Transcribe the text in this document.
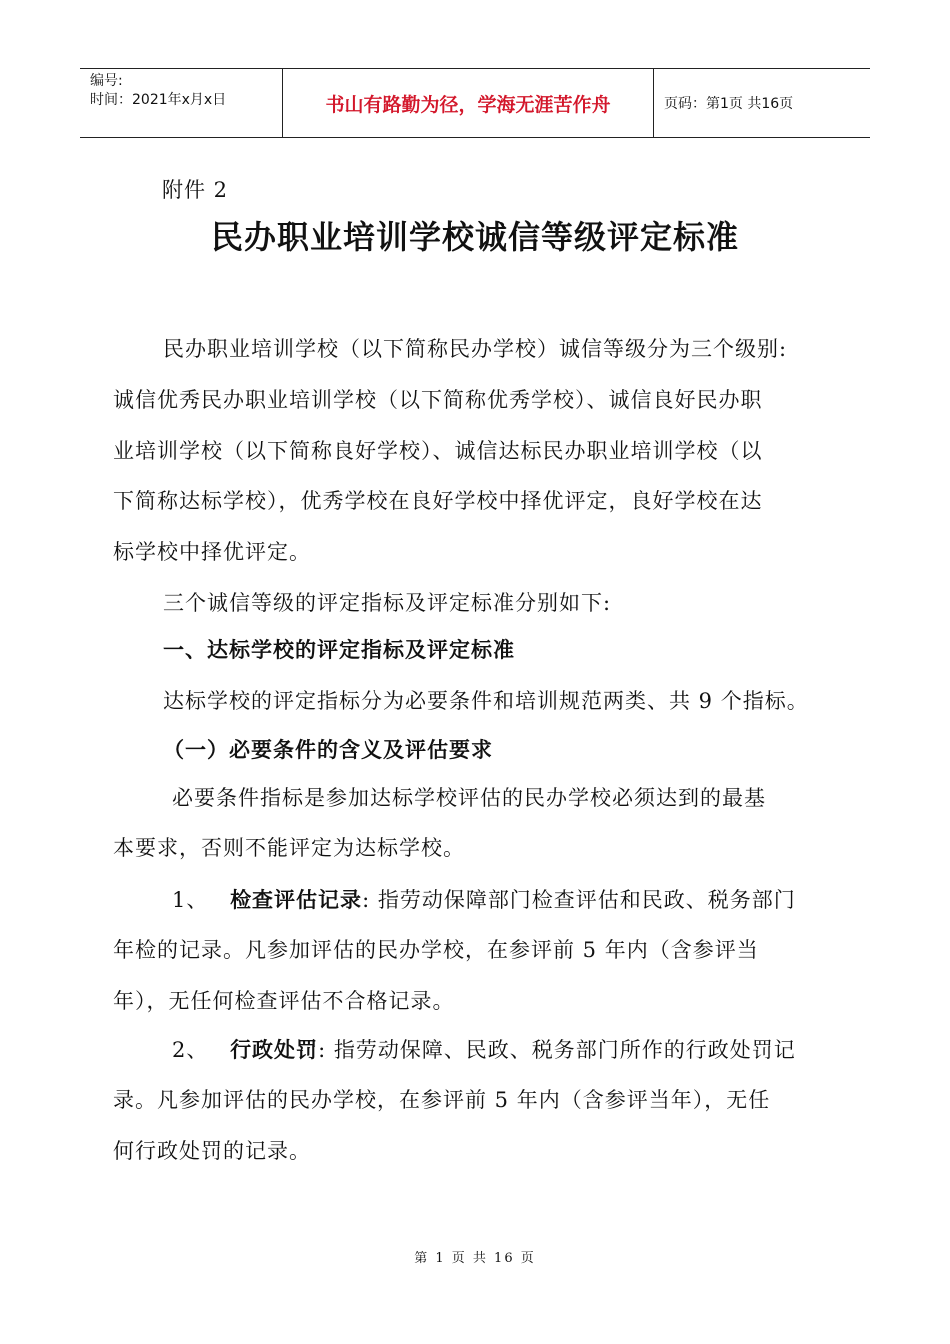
编号:
时间：2021年x月x日	书山有路勤为径，学海无涯苦作舟	页码：第1页 共16页
附件 2
民办职业培训学校诚信等级评定标准
民办职业培训学校（以下简称民办学校）诚信等级分为三个级别:
诚信优秀民办职业培训学校（以下简称优秀学校）、诚信良好民办职
业培训学校（以下简称良好学校）、诚信达标民办职业培训学校（以
下简称达标学校），优秀学校在良好学校中择优评定，良好学校在达
标学校中择优评定。
三个诚信等级的评定指标及评定标准分别如下:
一、达标学校的评定指标及评定标准
达标学校的评定指标分为必要条件和培训规范两类、共 9 个指标。
（一）必要条件的含义及评估要求
必要条件指标是参加达标学校评估的民办学校必须达到的最基
本要求，否则不能评定为达标学校。
1、 检查评估记录: 指劳动保障部门检查评估和民政、税务部门
年检的记录。凡参加评估的民办学校，在参评前 5 年内（含参评当
年），无任何检查评估不合格记录。
2、 行政处罚: 指劳动保障、民政、税务部门所作的行政处罚记
录。凡参加评估的民办学校，在参评前 5 年内（含参评当年），无任
何行政处罚的记录。
第 1 页 共 16 页
